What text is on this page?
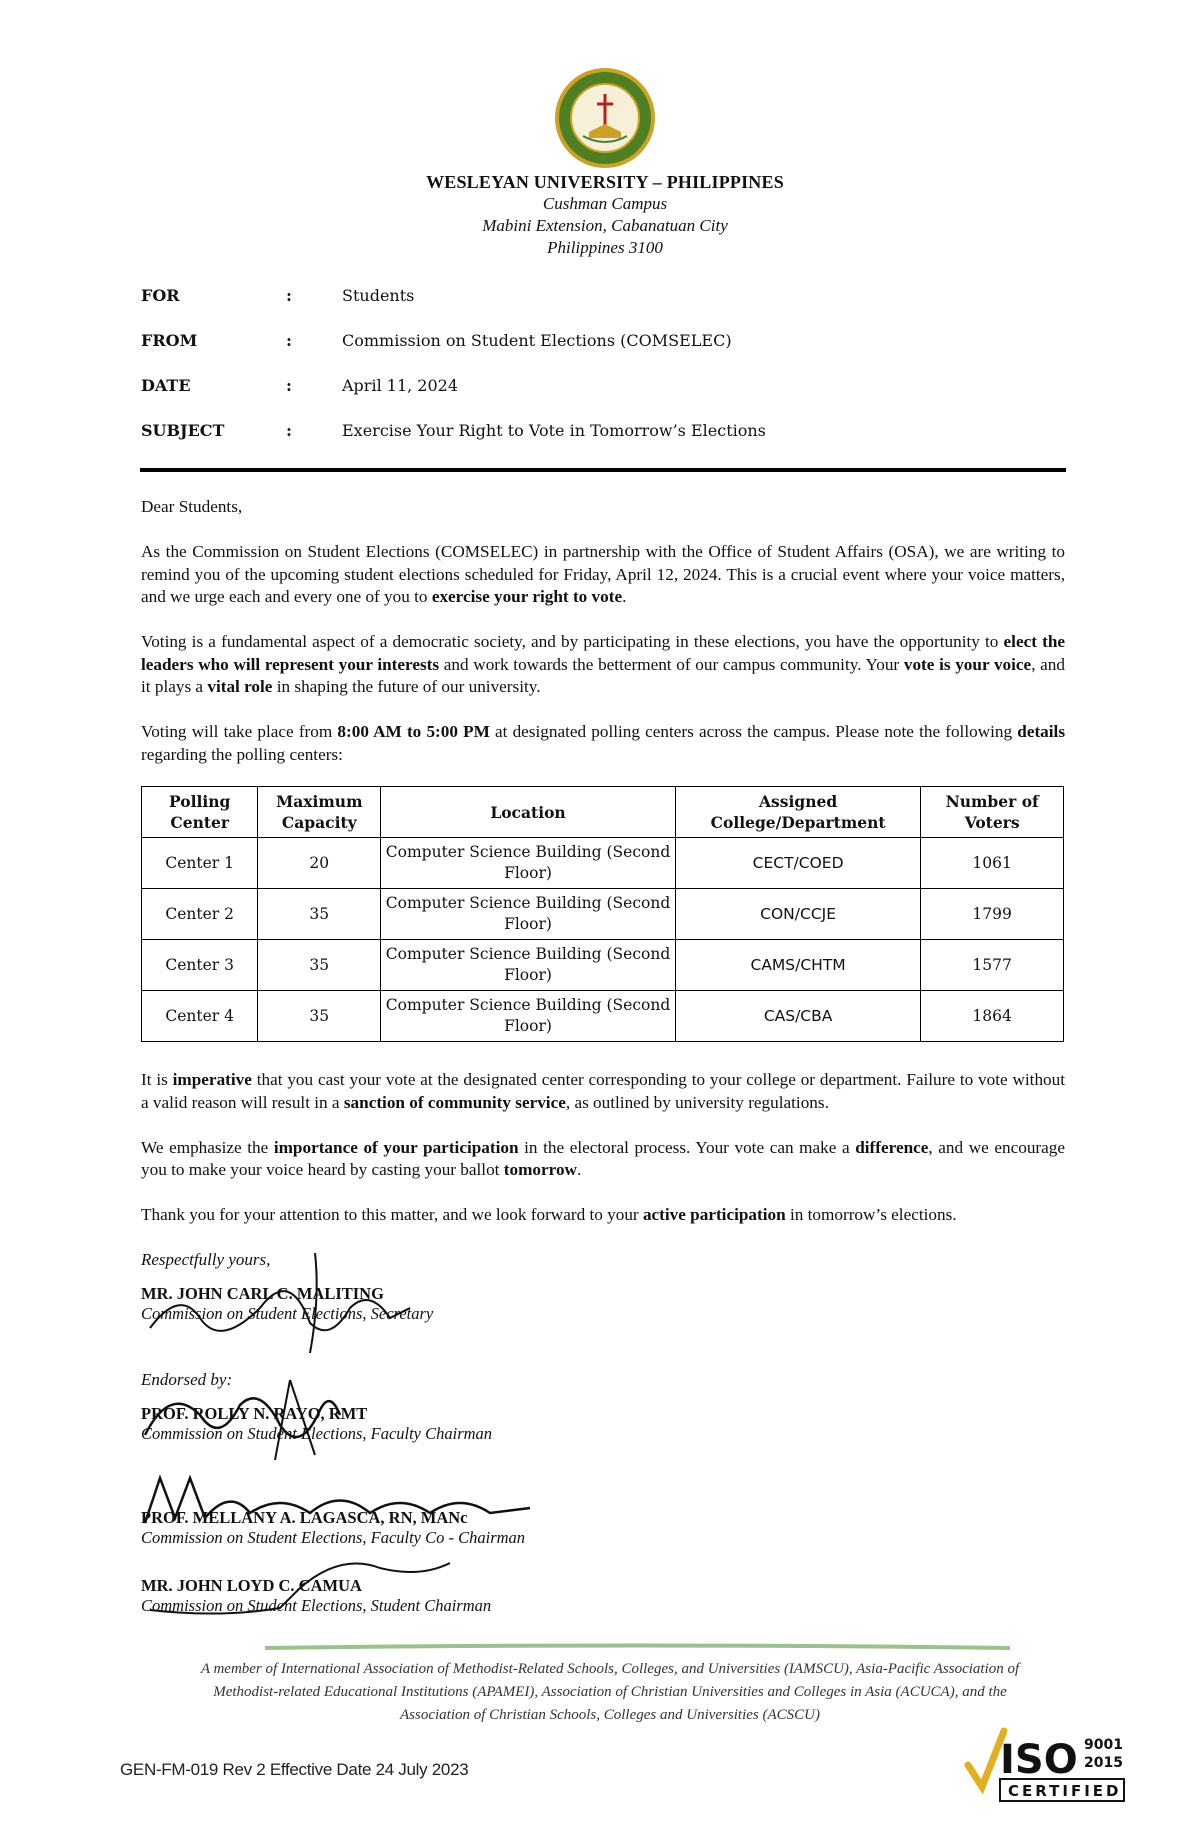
WESLEYAN UNIVERSITY – PHILIPPINES
Cushman Campus
Mabini Extension, Cabanatuan City
Philippines 3100
FOR	:	Students
FROM	:	Commission on Student Elections (COMSELEC)
DATE	:	April 11, 2024
SUBJECT	:	Exercise Your Right to Vote in Tomorrow’s Elections

Dear Students,

As the Commission on Student Elections (COMSELEC) in partnership with the Office of Student Affairs (OSA), we are writing to remind you of the upcoming student elections scheduled for Friday, April 12, 2024. This is a crucial event where your voice matters, and we urge each and every one of you to exercise your right to vote.

Voting is a fundamental aspect of a democratic society, and by participating in these elections, you have the opportunity to elect the leaders who will represent your interests and work towards the betterment of our campus community. Your vote is your voice, and it plays a vital role in shaping the future of our university.

Voting will take place from 8:00 AM to 5:00 PM at designated polling centers across the campus. Please note the following details regarding the polling centers:

Polling Center	Maximum Capacity	Location	Assigned College/Department	Number of Voters
Center 1	20	Computer Science Building (Second Floor)	CECT/COED	1061
Center 2	35	Computer Science Building (Second Floor)	CON/CCJE	1799
Center 3	35	Computer Science Building (Second Floor)	CAMS/CHTM	1577
Center 4	35	Computer Science Building (Second Floor)	CAS/CBA	1864

It is imperative that you cast your vote at the designated center corresponding to your college or department. Failure to vote without a valid reason will result in a sanction of community service, as outlined by university regulations.

We emphasize the importance of your participation in the electoral process. Your vote can make a difference, and we encourage you to make your voice heard by casting your ballot tomorrow.

Thank you for your attention to this matter, and we look forward to your active participation in tomorrow’s elections.

Respectfully yours,
MR. JOHN CARL C. MALITING
Commission on Student Elections, Secretary
Endorsed by:
PROF. ROLLY N. RAYO, RMT
Commission on Student Elections, Faculty Chairman
PROF. MELLANY A. LAGASCA, RN, MANc
Commission on Student Elections, Faculty Co - Chairman
MR. JOHN LOYD C. CAMUA
Commission on Student Elections, Student Chairman
A member of International Association of Methodist-Related Schools, Colleges, and Universities (IAMSCU), Asia-Pacific Association of Methodist-related Educational Institutions (APAMEI), Association of Christian Universities and Colleges in Asia (ACUCA), and the Association of Christian Schools, Colleges and Universities (ACSCU)
GEN-FM-019 Rev 2 Effective Date 24 July 2023	ISO 9001
2015
CERTIFIED
